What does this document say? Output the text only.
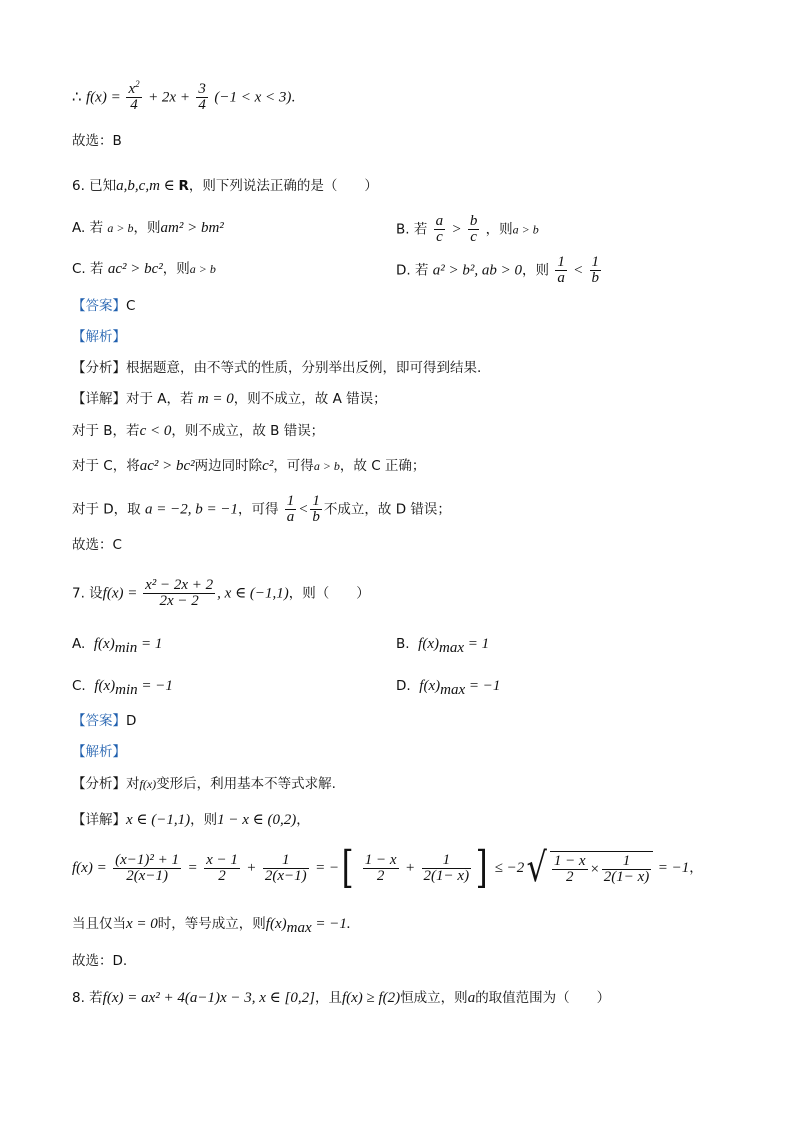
∴ $f(x) = \frac{x^2}{4} + 2x + \frac{3}{4} (-1 < x < 3)$.
故选：B
6. 已知a,b,c,m ∈ R，则下列说法正确的是（　　）
A. 若 a > b，则am² > bm²	B. 若 $\frac{a}{c} > \frac{b}{c}$ ，则a > b
C. 若 ac² > bc²，则a > b	D. 若 a² > b², ab > 0，则 $\frac{1}{a} < \frac{1}{b}$
【答案】C
【解析】
【分析】根据题意，由不等式的性质，分别举出反例，即可得到结果.
【详解】对于 A，若 m = 0，则不成立，故 A 错误；
对于 B，若c < 0，则不成立，故 B 错误；
对于 C，将ac² > bc²两边同时除c²，可得a > b，故 C 正确；
对于 D，取 a = −2, b = −1，可得 $\frac{1}{a} < \frac{1}{b}$ 不成立，故 D 错误；
故选：C
7. 设$f(x) = \frac{\text{x² − 2x + 2}}{2x - 2}$ , x ∈ (−1,1)，则（　　）
A. $f(x)_{min} = 1$	B. $f(x)_{max} = 1$
C. $f(x)_{min} = -1$	D. $f(x)_{max} = -1$
【答案】D
【解析】
【分析】对f(x)变形后，利用基本不等式求解.
【详解】x ∈ (−1,1)，则1 − x ∈ (0,2)，
$f(x) = \frac{\text{(x−1)² + 1}}{2(x-1)} = \frac{x - 1}{2} + \frac{1}{2(x-1)}$ = −[ $\frac{1 - x}{2} + \frac{1}{2(1- x)}$ ] ≤ $-2√ \frac{1 - x}{2} \times \frac{1}{2(1- x)} = -1$，
当且仅当x = 0时，等号成立，则$f(x)_{max} = -1$.
故选：D.
8. 若f(x) = ax² + 4(a−1)x − 3, x ∈ [0,2]，且f(x) ≥ f(2)恒成立，则a的取值范围为（　　）
